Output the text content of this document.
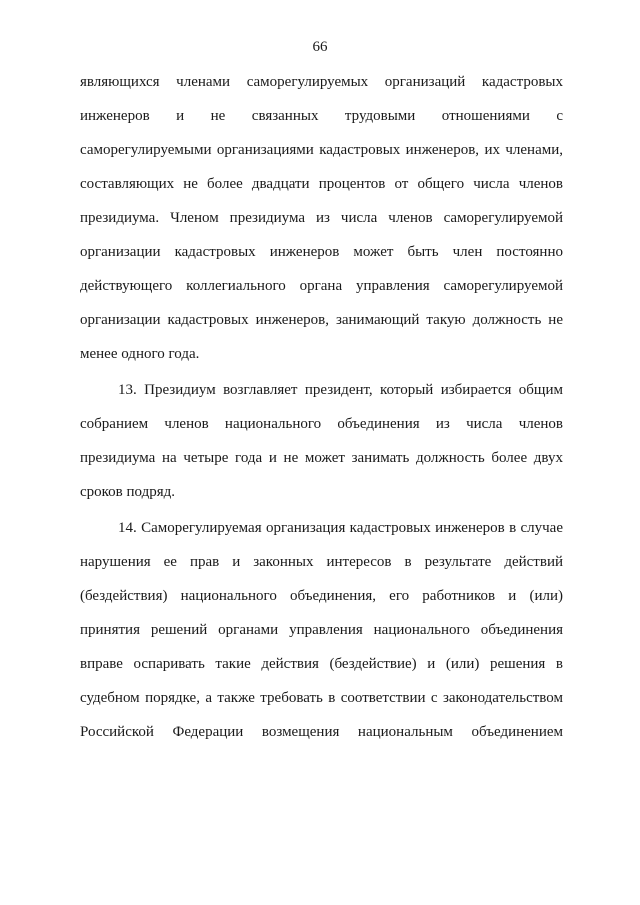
66
являющихся членами саморегулируемых организаций кадастровых
инженеров и не связанных трудовыми отношениями с
саморегулируемыми организациями кадастровых инженеров, их членами,
составляющих не более двадцати процентов от общего числа членов
президиума. Членом президиума из числа членов саморегулируемой
организации кадастровых инженеров может быть член постоянно
действующего коллегиального органа управления саморегулируемой
организации кадастровых инженеров, занимающий такую должность не
менее одного года.
13. Президиум возглавляет президент, который избирается общим
собранием членов национального объединения из числа членов
президиума на четыре года и не может занимать должность более двух
сроков подряд.
14. Саморегулируемая организация кадастровых инженеров в случае
нарушения ее прав и законных интересов в результате действий
(бездействия) национального объединения, его работников и (или)
принятия решений органами управления национального объединения
вправе оспаривать такие действия (бездействие) и (или) решения в
судебном порядке, а также требовать в соответствии с законодательством
Российской Федерации возмещения национальным объединением
